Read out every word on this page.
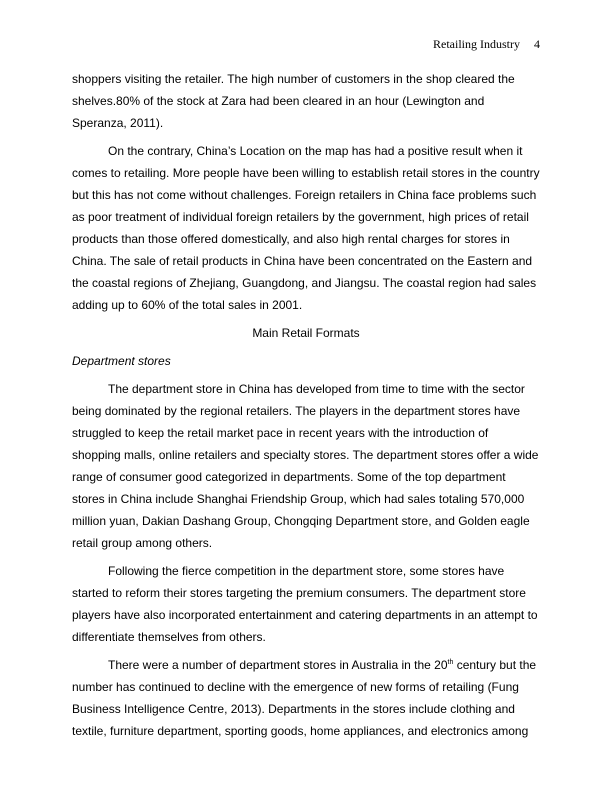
Retailing Industry 4

shoppers visiting the retailer. The high number of customers in the shop cleared the shelves.80% of the stock at Zara had been cleared in an hour (Lewington and Speranza, 2011).

On the contrary, China’s Location on the map has had a positive result when it comes to retailing. More people have been willing to establish retail stores in the country but this has not come without challenges. Foreign retailers in China face problems such as poor treatment of individual foreign retailers by the government, high prices of retail products than those offered domestically, and also high rental charges for stores in China. The sale of retail products in China have been concentrated on the Eastern and the coastal regions of Zhejiang, Guangdong, and Jiangsu. The coastal region had sales adding up to 60% of the total sales in 2001.

Main Retail Formats

Department stores

The department store in China has developed from time to time with the sector being dominated by the regional retailers. The players in the department stores have struggled to keep the retail market pace in recent years with the introduction of shopping malls, online retailers and specialty stores. The department stores offer a wide range of consumer good categorized in departments. Some of the top department stores in China include Shanghai Friendship Group, which had sales totaling 570,000 million yuan, Dakian Dashang Group, Chongqing Department store, and Golden eagle retail group among others.

Following the fierce competition in the department store, some stores have started to reform their stores targeting the premium consumers. The department store players have also incorporated entertainment and catering departments in an attempt to differentiate themselves from others.

There were a number of department stores in Australia in the 20th century but the number has continued to decline with the emergence of new forms of retailing (Fung Business Intelligence Centre, 2013). Departments in the stores include clothing and textile, furniture department, sporting goods, home appliances, and electronics among
